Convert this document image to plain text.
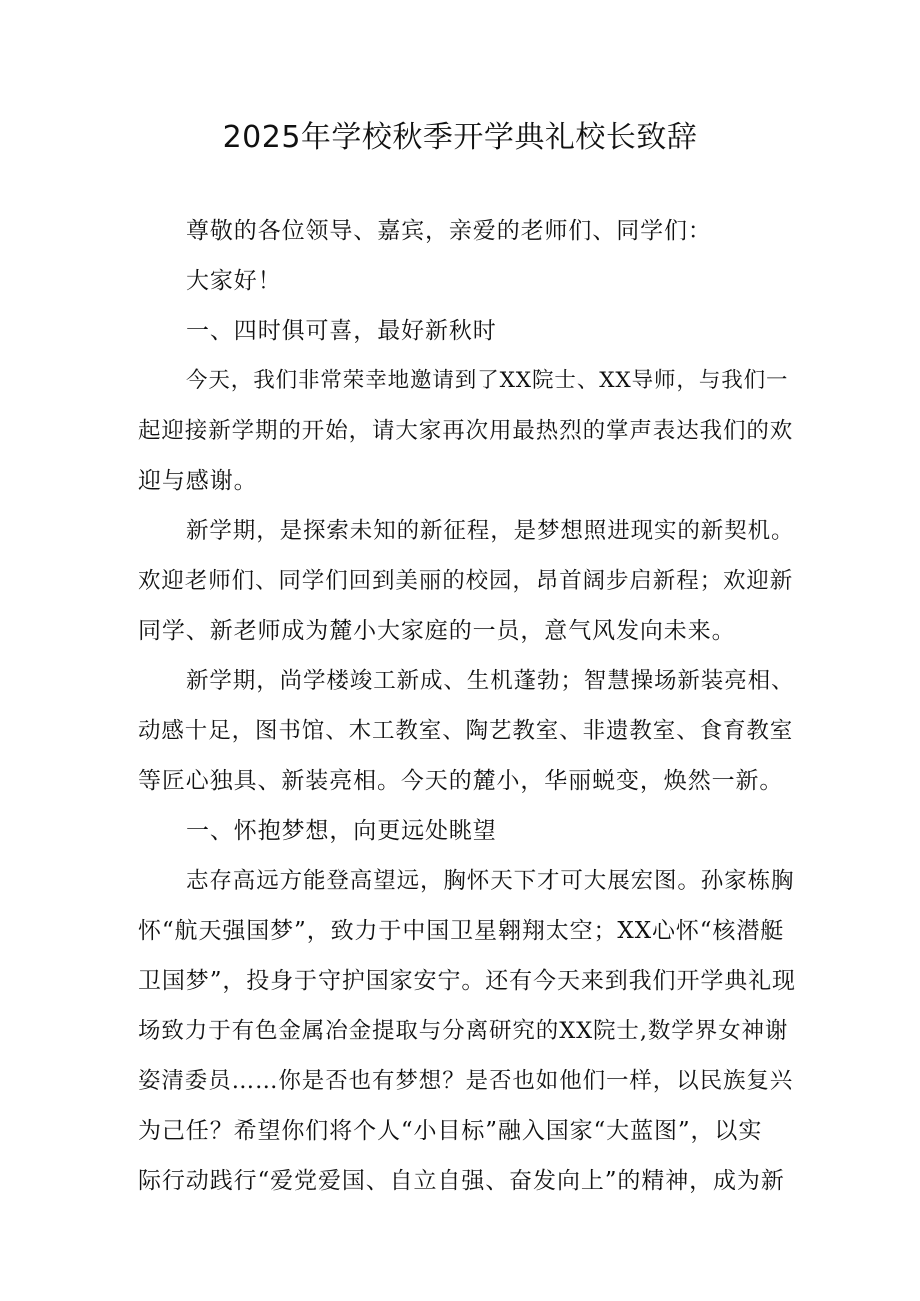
2025年学校秋季开学典礼校长致辞
尊敬的各位领导、嘉宾，亲爱的老师们、同学们：
大家好！
一、四时俱可喜，最好新秋时
今天，我们非常荣幸地邀请到了XX院士、XX导师，与我们一
起迎接新学期的开始，请大家再次用最热烈的掌声表达我们的欢
迎与感谢。
新学期，是探索未知的新征程，是梦想照进现实的新契机。
欢迎老师们、同学们回到美丽的校园，昂首阔步启新程；欢迎新
同学、新老师成为麓小大家庭的一员，意气风发向未来。
新学期，尚学楼竣工新成、生机蓬勃；智慧操场新装亮相、
动感十足，图书馆、木工教室、陶艺教室、非遗教室、食育教室
等匠心独具、新装亮相。今天的麓小，华丽蜕变，焕然一新。
一、怀抱梦想，向更远处眺望
志存高远方能登高望远，胸怀天下才可大展宏图。孙家栋胸
怀“航天强国梦”，致力于中国卫星翱翔太空；XX心怀“核潜艇
卫国梦”，投身于守护国家安宁。还有今天来到我们开学典礼现
场致力于有色金属冶金提取与分离研究的XX院士,数学界女神谢
姿清委员……你是否也有梦想？是否也如他们一样，以民族复兴
为己任？希望你们将个人“小目标”融入国家“大蓝图”，以实
际行动践行“爱党爱国、自立自强、奋发向上”的精神，成为新
